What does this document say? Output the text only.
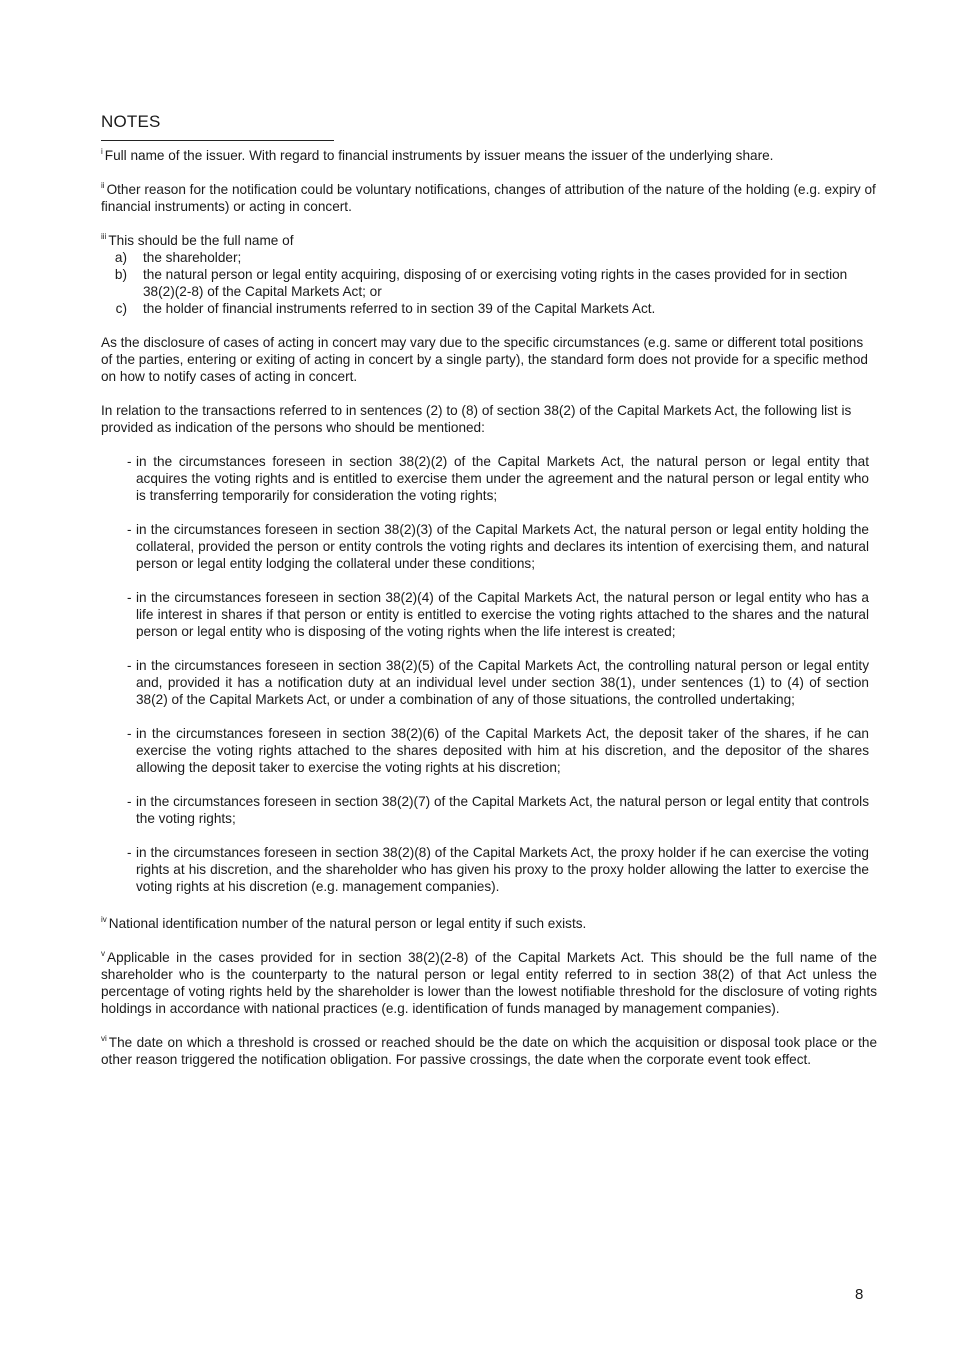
NOTES

$^i$ Full name of the issuer. With regard to financial instruments by issuer means the issuer of the underlying share.

$^{ii}$ Other reason for the notification could be voluntary notifications, changes of attribution of the nature of the holding (e.g. expiry of financial instruments) or acting in concert.

$^{iii}$ This should be the full name of

a)	the shareholder;
b)	the natural person or legal entity acquiring, disposing of or exercising voting rights in the cases provided for in section 38(2)(2-8) of the Capital Markets Act; or
c)	the holder of financial instruments referred to in section 39 of the Capital Markets Act.

As the disclosure of cases of acting in concert may vary due to the specific circumstances (e.g. same or different total positions of the parties, entering or exiting of acting in concert by a single party), the standard form does not provide for a specific method on how to notify cases of acting in concert.

In relation to the transactions referred to in sentences (2) to (8) of section 38(2) of the Capital Markets Act, the following list is provided as indication of the persons who should be mentioned:

- in the circumstances foreseen in section 38(2)(2) of the Capital Markets Act, the natural person or legal entity that acquires the voting rights and is entitled to exercise them under the agreement and the natural person or legal entity who is transferring temporarily for consideration the voting rights;
- in the circumstances foreseen in section 38(2)(3) of the Capital Markets Act, the natural person or legal entity holding the collateral, provided the person or entity controls the voting rights and declares its intention of exercising them, and natural person or legal entity lodging the collateral under these conditions;
- in the circumstances foreseen in section 38(2)(4) of the Capital Markets Act, the natural person or legal entity who has a life interest in shares if that person or entity is entitled to exercise the voting rights attached to the shares and the natural person or legal entity who is disposing of the voting rights when the life interest is created;
- in the circumstances foreseen in section 38(2)(5) of the Capital Markets Act, the controlling natural person or legal entity and, provided it has a notification duty at an individual level under section 38(1), under sentences (1) to (4) of section 38(2) of the Capital Markets Act, or under a combination of any of those situations, the controlled undertaking;
- in the circumstances foreseen in section 38(2)(6) of the Capital Markets Act, the deposit taker of the shares, if he can exercise the voting rights attached to the shares deposited with him at his discretion, and the depositor of the shares allowing the deposit taker to exercise the voting rights at his discretion;
- in the circumstances foreseen in section 38(2)(7) of the Capital Markets Act, the natural person or legal entity that controls the voting rights;
- in the circumstances foreseen in section 38(2)(8) of the Capital Markets Act, the proxy holder if he can exercise the voting rights at his discretion, and the shareholder who has given his proxy to the proxy holder allowing the latter to exercise the voting rights at his discretion (e.g. management companies).

$^{iv}$ National identification number of the natural person or legal entity if such exists.

$^v$ Applicable in the cases provided for in section 38(2)(2-8) of the Capital Markets Act. This should be the full name of the shareholder who is the counterparty to the natural person or legal entity referred to in section 38(2) of that Act unless the percentage of voting rights held by the shareholder is lower than the lowest notifiable threshold for the disclosure of voting rights holdings in accordance with national practices (e.g. identification of funds managed by management companies).

$^{vi}$ The date on which a threshold is crossed or reached should be the date on which the acquisition or disposal took place or the other reason triggered the notification obligation. For passive crossings, the date when the corporate event took effect.

8
